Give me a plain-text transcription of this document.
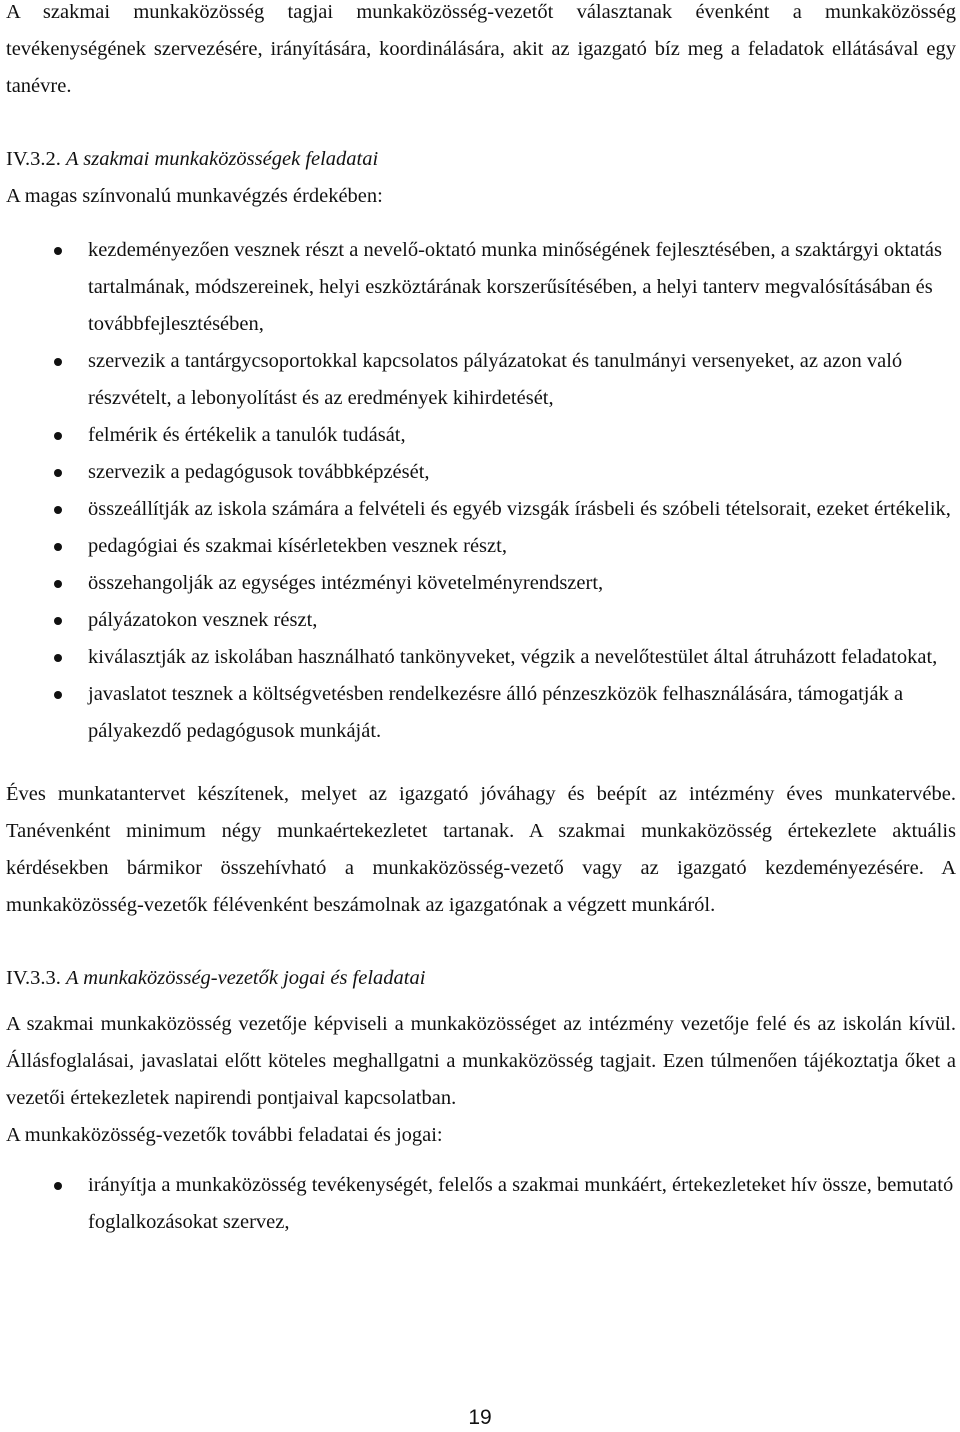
A szakmai munkaközösség tagjai munkaközösség-vezetőt választanak évenként a munkaközösség tevékenységének szervezésére, irányítására, koordinálására, akit az igazgató bíz meg a feladatok ellátásával egy tanévre.

IV.3.2. A szakmai munkaközösségek feladatai

A magas színvonalú munkavégzés érdekében:

kezdeményezően vesznek részt a nevelő-oktató munka minőségének fejlesztésében, a szaktárgyi oktatás tartalmának, módszereinek, helyi eszköztárának korszerűsítésében, a helyi tanterv megvalósításában és továbbfejlesztésében,
szervezik a tantárgycsoportokkal kapcsolatos pályázatokat és tanulmányi versenyeket, az azon való részvételt, a lebonyolítást és az eredmények kihirdetését,
felmérik és értékelik a tanulók tudását,
szervezik a pedagógusok továbbképzését,
összeállítják az iskola számára a felvételi és egyéb vizsgák írásbeli és szóbeli tételsorait, ezeket értékelik,
pedagógiai és szakmai kísérletekben vesznek részt,
összehangolják az egységes intézményi követelményrendszert,
pályázatokon vesznek részt,
kiválasztják az iskolában használható tankönyveket, végzik a nevelőtestület által átruházott feladatokat,
javaslatot tesznek a költségvetésben rendelkezésre álló pénzeszközök felhasználására, támogatják a pályakezdő pedagógusok munkáját.

Éves munkatantervet készítenek, melyet az igazgató jóváhagy és beépít az intézmény éves munkatervébe. Tanévenként minimum négy munkaértekezletet tartanak. A szakmai munkaközösség értekezlete aktuális kérdésekben bármikor összehívható a munkaközösség-vezető vagy az igazgató kezdeményezésére. A munkaközösség-vezetők félévenként beszámolnak az igazgatónak a végzett munkáról.

IV.3.3. A munkaközösség-vezetők jogai és feladatai

A szakmai munkaközösség vezetője képviseli a munkaközösséget az intézmény vezetője felé és az iskolán kívül. Állásfoglalásai, javaslatai előtt köteles meghallgatni a munkaközösség tagjait. Ezen túlmenően tájékoztatja őket a vezetői értekezletek napirendi pontjaival kapcsolatban.

A munkaközösség-vezetők további feladatai és jogai:

irányítja a munkaközösség tevékenységét, felelős a szakmai munkáért, értekezleteket hív össze, bemutató foglalkozásokat szervez,
19
